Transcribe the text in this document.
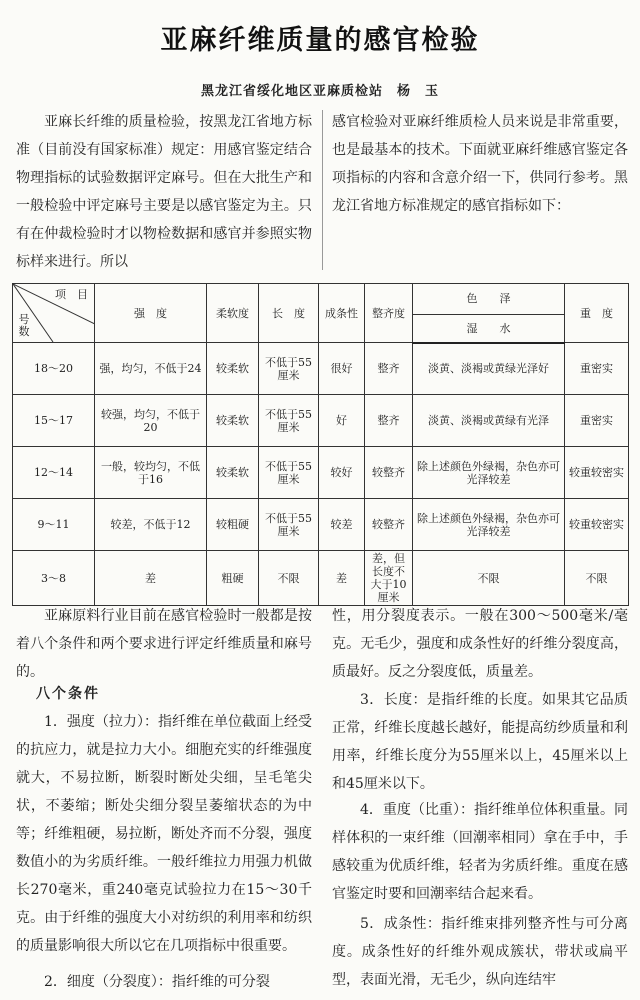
亚麻纤维质量的感官检验
黑龙江省绥化地区亚麻质检站　杨　玉

亚麻长纤维的质量检验，按黑龙江省地方标准（目前没有国家标准）规定：用感官鉴定结合物理指标的试验数据评定麻号。但在大批生产和一般检验中评定麻号主要是以感官鉴定为主。只有在仲裁检验时才以物检数据和感官并参照实物标样来进行。所以

感官检验对亚麻纤维质检人员来说是非常重要，也是最基本的技术。下面就亚麻纤维感官鉴定各项指标的内容和含意介绍一下，供同行参考。黑龙江省地方标准规定的感官指标如下：

项　目
号　数	强　度	柔软度	长　度	成条性	整齐度	色　　泽	重　度
						湿　　水	
18～20	强，均匀，不低于24	较柔软	不低于55厘米	很好	整齐	淡黄、淡褐或黄绿光泽好	重密实
15～17	较强，均匀，不低于20	较柔软	不低于55厘米	好	整齐	淡黄、淡褐或黄绿有光泽	重密实
12～14	一般，较均匀，不低于16	较柔软	不低于55厘米	较好	较整齐	除上述颜色外绿褐，杂色亦可光泽较差	较重较密实
9～11	较差，不低于12	较粗硬	不低于55厘米	较差	较整齐	除上述颜色外绿褐，杂色亦可光泽较差	较重较密实
3～8	差	粗硬	不限	差	差，但长度不大于10厘米	不限	不限

亚麻原料行业目前在感官检验时一般都是按着八个条件和两个要求进行评定纤维质量和麻号的。

八个条件

1．强度（拉力）：指纤维在单位截面上经受的抗应力，就是拉力大小。细胞充实的纤维强度就大，不易拉断，断裂时断处尖细，呈毛笔尖状，不萎缩；断处尖细分裂呈萎缩状态的为中等；纤维粗硬，易拉断，断处齐而不分裂，强度数值小的为劣质纤维。一般纤维拉力用强力机做长270毫米，重240毫克试验拉力在15～30千克。由于纤维的强度大小对纺织的利用率和纺织的质量影响很大所以它在几项指标中很重要。

2．细度（分裂度）：指纤维的可分裂

性，用分裂度表示。一般在300～500毫米/毫克。无毛少，强度和成条性好的纤维分裂度高，质最好。反之分裂度低，质量差。

3．长度：是指纤维的长度。如果其它品质正常，纤维长度越长越好，能提高纺纱质量和利用率，纤维长度分为55厘米以上，45厘米以上和45厘米以下。

4．重度（比重）：指纤维单位体积重量。同样体积的一束纤维（回潮率相同）拿在手中，手感较重为优质纤维，轻者为劣质纤维。重度在感官鉴定时要和回潮率结合起来看。

5．成条性：指纤维束排列整齐性与可分离度。成条性好的纤维外观成簇状，带状或扁平型，表面光滑，无毛少，纵向连结牢
